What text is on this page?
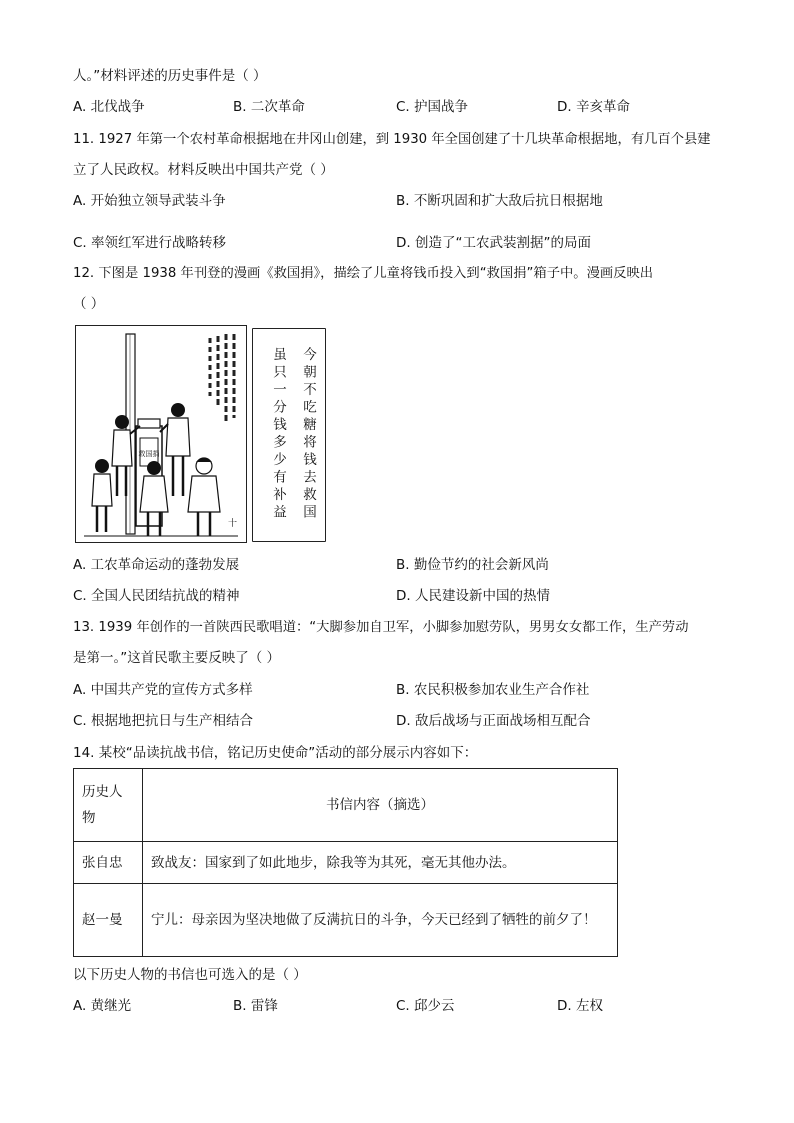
人。”材料评述的历史事件是（ ）
A. 北伐战争	B. 二次革命	C. 护国战争	D. 辛亥革命
11. 1927 年第一个农村革命根据地在井冈山创建，到 1930 年全国创建了十几块革命根据地，有几百个县建
立了人民政权。材料反映出中国共产党（ ）
A. 开始独立领导武装斗争	B. 不断巩固和扩大敌后抗日根据地
C. 率领红军进行战略转移	D. 创造了“工农武装割据”的局面
12. 下图是 1938 年刊登的漫画《救国捐》，描绘了儿童将钱币投入到“救国捐”箱子中。漫画反映出
（ ）
救国捐
十
今朝不吃糖将钱去救国
虽只一分钱多少有补益
A. 工农革命运动的蓬勃发展	B. 勤俭节约的社会新风尚
C. 全国人民团结抗战的精神	D. 人民建设新中国的热情
13. 1939 年创作的一首陕西民歌唱道：“大脚参加自卫军，小脚参加慰劳队，男男女女都工作，生产劳动
是第一。”这首民歌主要反映了（ ）
A. 中国共产党的宣传方式多样	B. 农民积极参加农业生产合作社
C. 根据地把抗日与生产相结合	D. 敌后战场与正面战场相互配合
14. 某校“品读抗战书信，铭记历史使命”活动的部分展示内容如下：
历史人物	书信内容（摘选）
张自忠	致战友：国家到了如此地步，除我等为其死，毫无其他办法。
赵一曼	宁儿：母亲因为坚决地做了反满抗日的斗争，今天已经到了牺牲的前夕了！
以下历史人物的书信也可选入的是（ ）
A. 黄继光	B. 雷锋	C. 邱少云	D. 左权
